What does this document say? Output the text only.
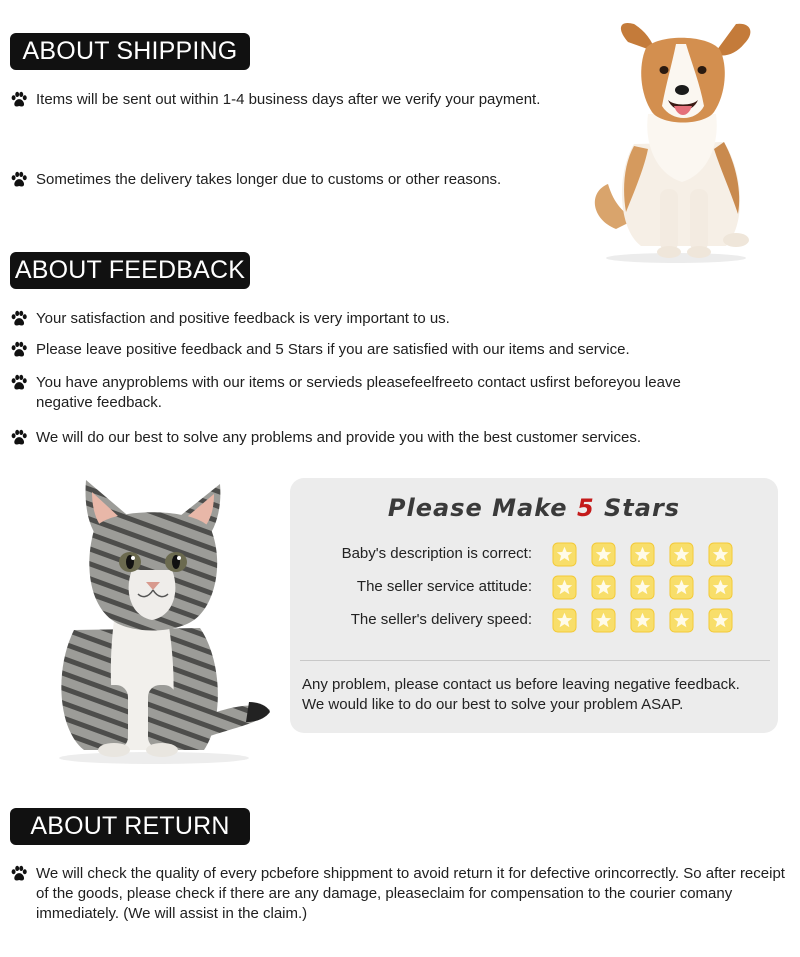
ABOUT SHIPPING
Items will be sent out within 1-4 business days after we verify your payment.
Sometimes the delivery takes longer due to customs or other reasons.
ABOUT FEEDBACK
Your satisfaction and positive feedback is very important to us.
Please leave positive feedback and 5 Stars if you are satisfied with our items and service.
You have anyproblems with our items or servieds pleasefeelfreeto contact usfirst beforeyou leave negative feedback.
We will do our best to solve any problems and provide you with the best customer services.
Please Make 5 Stars
Baby's description is correct:
The seller service attitude:
The seller's delivery speed:
Any problem, please contact us before leaving negative feedback.
We would like to do our best to solve your problem ASAP.
ABOUT RETURN
We will check the quality of every pcbefore shippment to avoid return it for defective orincorrectly. So after receipt of the goods, please check if there are any damage, pleaseclaim for compensation to the courier comany immediately. (We will assist in the claim.)
